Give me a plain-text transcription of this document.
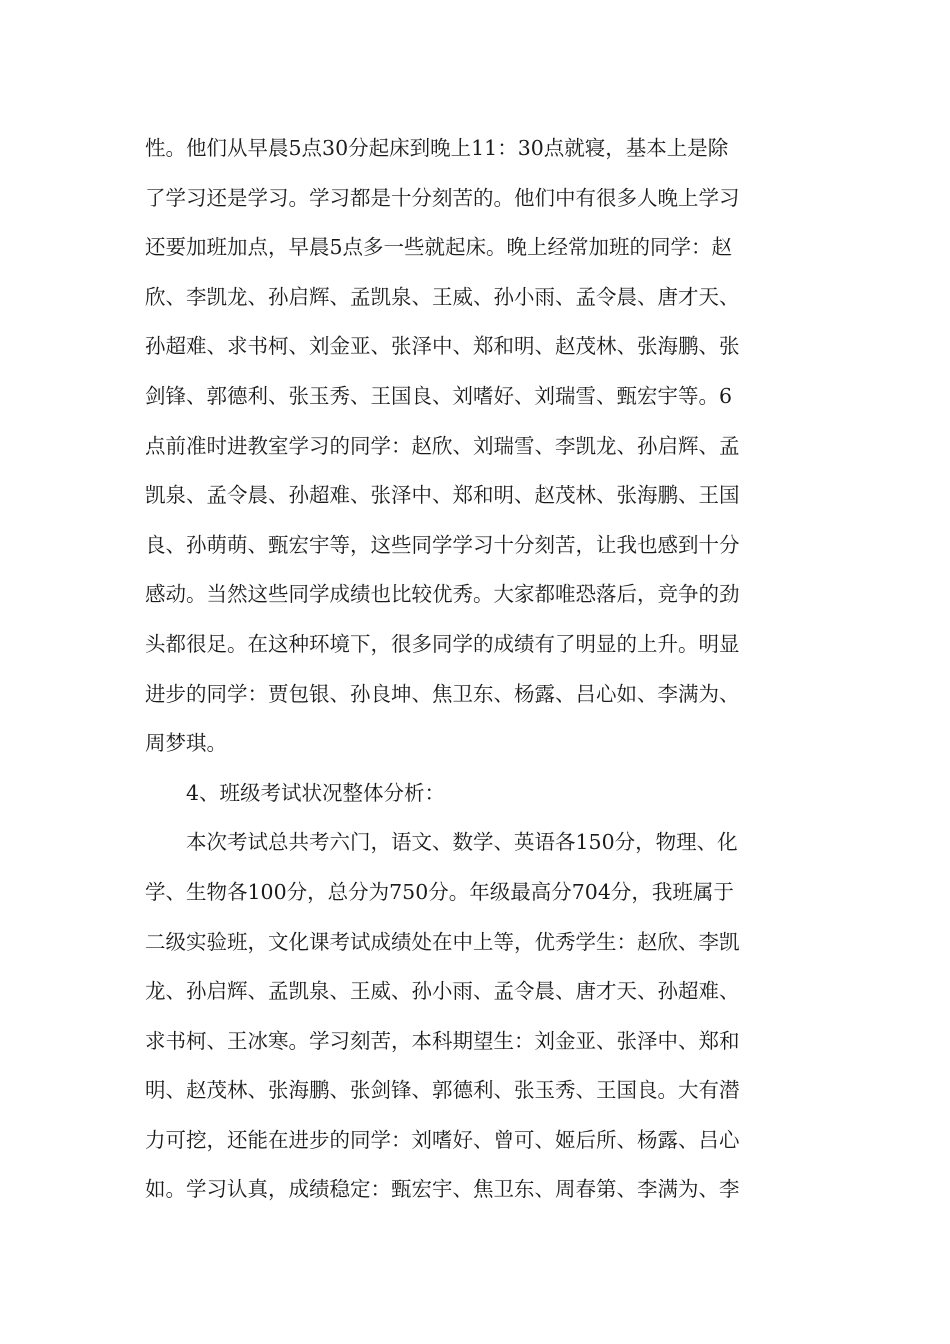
性。他们从早晨5点30分起床到晚上11：30点就寝，基本上是除
了学习还是学习。学习都是十分刻苦的。他们中有很多人晚上学习
还要加班加点，早晨5点多一些就起床。晚上经常加班的同学：赵
欣、李凯龙、孙启辉、孟凯泉、王威、孙小雨、孟令晨、唐才天、
孙超难、求书柯、刘金亚、张泽中、郑和明、赵茂林、张海鹏、张
剑锋、郭德利、张玉秀、王国良、刘嗜好、刘瑞雪、甄宏宇等。6
点前准时进教室学习的同学：赵欣、刘瑞雪、李凯龙、孙启辉、孟
凯泉、孟令晨、孙超难、张泽中、郑和明、赵茂林、张海鹏、王国
良、孙萌萌、甄宏宇等，这些同学学习十分刻苦，让我也感到十分
感动。当然这些同学成绩也比较优秀。大家都唯恐落后，竞争的劲
头都很足。在这种环境下，很多同学的成绩有了明显的上升。明显
进步的同学：贾包银、孙良坤、焦卫东、杨露、吕心如、李满为、
周梦琪。
　　4、班级考试状况整体分析：
　　本次考试总共考六门，语文、数学、英语各150分，物理、化
学、生物各100分，总分为750分。年级最高分704分，我班属于
二级实验班，文化课考试成绩处在中上等，优秀学生：赵欣、李凯
龙、孙启辉、孟凯泉、王威、孙小雨、孟令晨、唐才天、孙超难、
求书柯、王冰寒。学习刻苦，本科期望生：刘金亚、张泽中、郑和
明、赵茂林、张海鹏、张剑锋、郭德利、张玉秀、王国良。大有潜
力可挖，还能在进步的同学：刘嗜好、曾可、姬后所、杨露、吕心
如。学习认真，成绩稳定：甄宏宇、焦卫东、周春第、李满为、李
